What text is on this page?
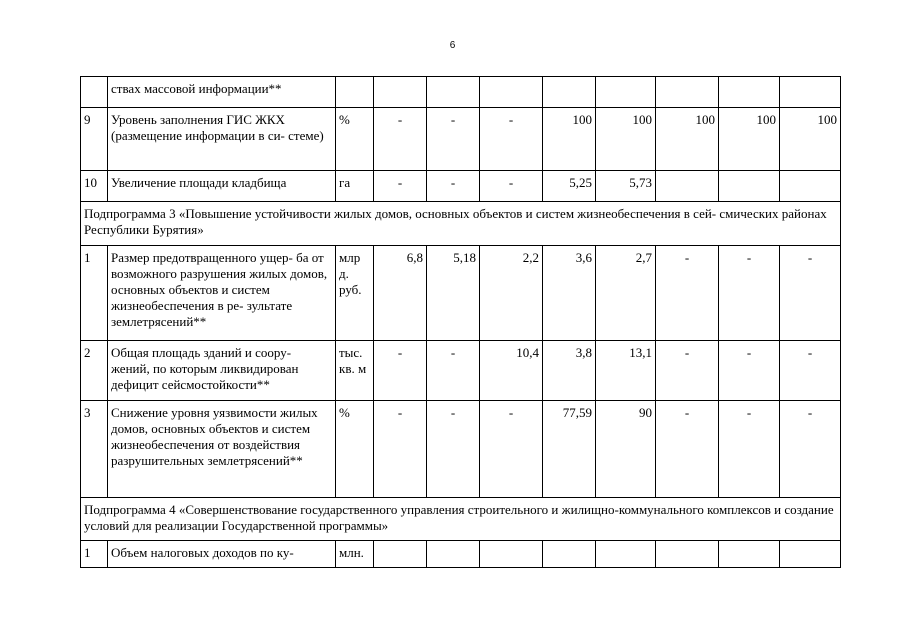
6
	ствах массовой информации**									
9	Уровень заполнения ГИС ЖКХ (размещение информации в си- стеме)	%	-	-	-	100	100	100	100	100
10	Увеличение площади кладбища	га	-	-	-	5,25	5,73			
Подпрограмма 3 «Повышение устойчивости жилых домов, основных объектов и систем жизнеобеспечения в сей- смических районах Республики Бурятия»										
1	Размер предотвращенного ущер- ба от возможного разрушения жилых домов, основных объектов и систем жизнеобеспечения в ре- зультате землетрясений**	млр д. руб.	6,8	5,18	2,2	3,6	2,7	-	-	-
2	Общая площадь зданий и соору- жений, по которым ликвидирован дефицит сейсмостойкости**	тыс. кв. м	-	-	10,4	3,8	13,1	-	-	-
3	Снижение уровня уязвимости жилых домов, основных объектов и систем жизнеобеспечения от воздействия разрушительных землетрясений**	%	-	-	-	77,59	90	-	-	-
Подпрограмма 4 «Совершенствование государственного управления строительного и жилищно-коммунального комплексов и создание условий для реализации Государственной программы»										
1	Объем налоговых доходов по ку-	млн.								
